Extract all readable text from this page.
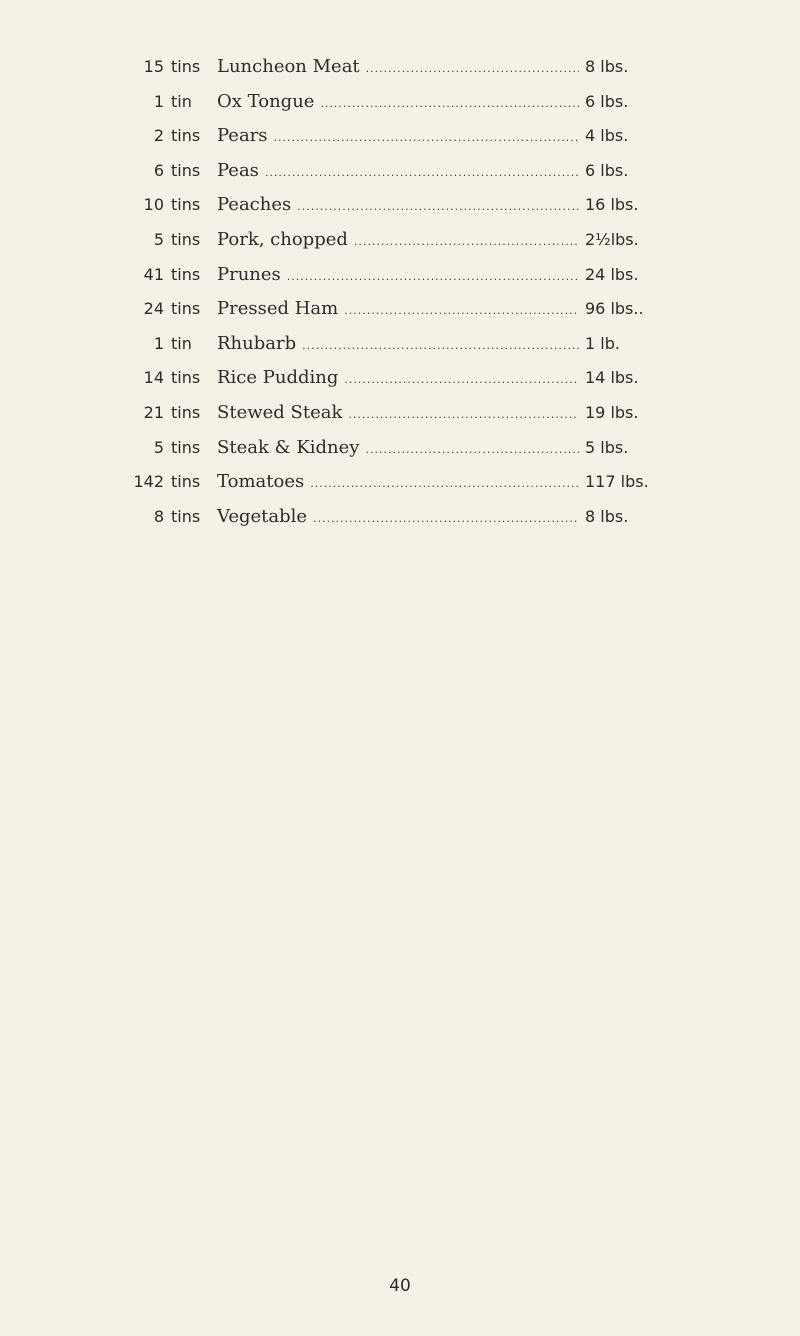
15 tins Luncheon Meat .....	8 lbs.
1 tin	Ox Tongue .....	6 lbs.
2 tins Pears .....	4 lbs.
6 tins Peas .....	6 lbs.
10 tins Peaches .....	16 lbs.
5 tins Pork, chopped .....	2½lbs.
41 tins Prunes .....	24 lbs.
24 tins Pressed Ham .....	96 lbs..
1 tin	Rhubarb .....	1 lb.
14 tins Rice Pudding .....	14 lbs.
21 tins Stewed Steak .....	19 lbs.
5 tins Steak & Kidney .....	5 lbs.
142 tins Tomatoes .....	117 lbs.
8 tins Vegetable .....	8 lbs.
40
